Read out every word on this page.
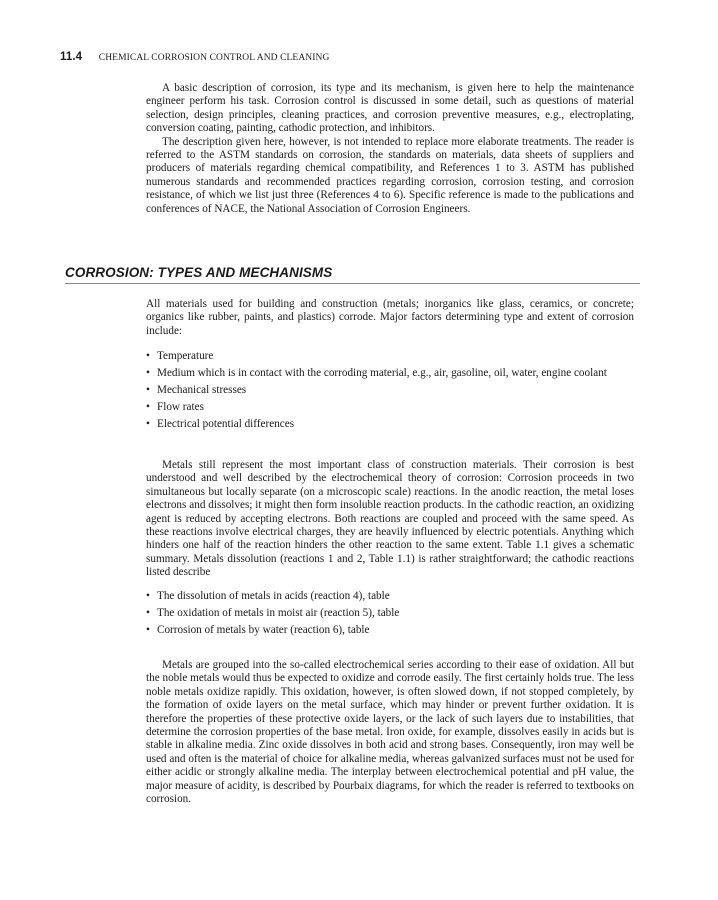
11.4 CHEMICAL CORROSION CONTROL AND CLEANING

A basic description of corrosion, its type and its mechanism, is given here to help the maintenance engineer perform his task. Corrosion control is discussed in some detail, such as questions of material selection, design principles, cleaning practices, and corrosion preventive measures, e.g., electroplating, conversion coating, painting, cathodic protection, and inhibitors.

The description given here, however, is not intended to replace more elaborate treatments. The reader is referred to the ASTM standards on corrosion, the standards on materials, data sheets of suppliers and producers of materials regarding chemical compatibility, and References 1 to 3. ASTM has published numerous standards and recommended practices regarding corrosion, corrosion testing, and corrosion resistance, of which we list just three (References 4 to 6). Specific reference is made to the publications and conferences of NACE, the National Association of Corrosion Engineers.

CORROSION: TYPES AND MECHANISMS

All materials used for building and construction (metals; inorganics like glass, ceramics, or concrete; organics like rubber, paints, and plastics) corrode. Major factors determining type and extent of corrosion include:

• Temperature
• Medium which is in contact with the corroding material, e.g., air, gasoline, oil, water, engine coolant
• Mechanical stresses
• Flow rates
• Electrical potential differences

Metals still represent the most important class of construction materials. Their corrosion is best understood and well described by the electrochemical theory of corrosion: Corrosion proceeds in two simultaneous but locally separate (on a microscopic scale) reactions. In the anodic reaction, the metal loses electrons and dissolves; it might then form insoluble reaction products. In the cathodic reaction, an oxidizing agent is reduced by accepting electrons. Both reactions are coupled and proceed with the same speed. As these reactions involve electrical charges, they are heavily influenced by electric potentials. Anything which hinders one half of the reaction hinders the other reaction to the same extent. Table 1.1 gives a schematic summary. Metals dissolution (reactions 1 and 2, Table 1.1) is rather straightforward; the cathodic reactions listed describe

• The dissolution of metals in acids (reaction 4), table
• The oxidation of metals in moist air (reaction 5), table
• Corrosion of metals by water (reaction 6), table

Metals are grouped into the so-called electrochemical series according to their ease of oxidation. All but the noble metals would thus be expected to oxidize and corrode easily. The first certainly holds true. The less noble metals oxidize rapidly. This oxidation, however, is often slowed down, if not stopped completely, by the formation of oxide layers on the metal surface, which may hinder or prevent further oxidation. It is therefore the properties of these protective oxide layers, or the lack of such layers due to instabilities, that determine the corrosion properties of the base metal. Iron oxide, for example, dissolves easily in acids but is stable in alkaline media. Zinc oxide dissolves in both acid and strong bases. Consequently, iron may well be used and often is the material of choice for alkaline media, whereas galvanized surfaces must not be used for either acidic or strongly alkaline media. The interplay between electrochemical potential and pH value, the major measure of acidity, is described by Pourbaix diagrams, for which the reader is referred to textbooks on corrosion.
